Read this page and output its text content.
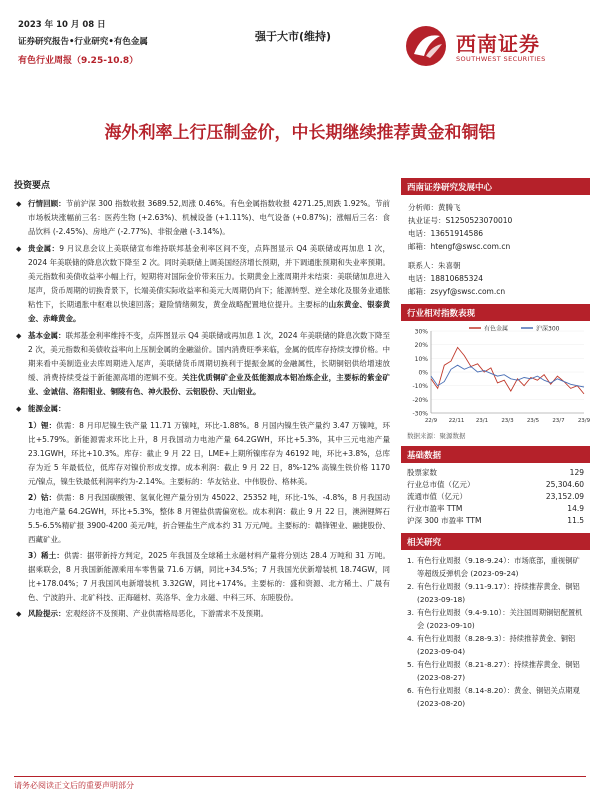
2023 年 10 月 08 日
证券研究报告•行业研究•有色金属
有色行业周报（9.25-10.8）
强于大市(维持)	西南证券
SOUTHWEST SECURITIES
海外利率上行压制金价，中长期继续推荐黄金和铜铝
投资要点
◆ 行情回顾：节前沪深 300 指数收报 3689.52,周涨 0.46%。有色金属指数收报 4271.25,周跌 1.92%。节前市场板块涨幅前三名：医药生物 (+2.63%)、机械设备 (+1.11%)、电气设备 (+0.87%)；涨幅后三名：食品饮料 (-2.45%)、房地产 (-2.77%)、非银金融 (-3.14%)。
◆ 贵金属：9 月议息会议上美联储宣布维持联邦基金利率区间不变，点阵图显示 Q4 美联储或再加息 1 次，2024 年美联储的降息次数下降至 2 次。同时美联储上调美国经济增长预期，并下调通胀预期和失业率预期。美元指数和美债收益率小幅上行，短期将对国际金价带来压力。长期黄金上涨周期并未结束：美联储加息进入尾声，货币周期的切换背景下，长端美债实际收益率和美元大周期仍向下；能源转型、逆全球化及服务业通胀粘性下，长期通胀中枢难以快速回落；避险情绪频发，黄金战略配置地位提升。主要标的山东黄金、银泰黄金、赤峰黄金。
◆ 基本金属：联邦基金利率维持不变，点阵图显示 Q4 美联储或再加息 1 次，2024 年美联储的降息次数下降至 2 次，美元指数和美债收益率向上压制金属的金融溢价。国内消费旺季来临，金属的低库存持续支撑价格。中期来看中美制造业去库周期进入尾声，美联储货币周期切换利于提振金属的金融属性，长期铜铝供给增速放缓、消费持续受益于新能源高增的逻辑不变。关注优质铜矿企业及低能源成本铝冶炼企业，主要标的紫金矿业、金诚信、洛阳钼业、铜陵有色、神火股份、云铝股份、天山铝业。
◆ 能源金属：
1）锂：供需：8 月印尼镍生铁产量 11.71 万镍吨，环比-1.88%。8 月国内镍生铁产量约 3.47 万镍吨，环比+5.79%。新能源需求环比上升，8 月我国动力电池产量 64.2GWH，环比+5.3%，其中三元电池产量 23.1GWH，环比+10.3%。库存：截止 9 月 22 日，LME+上期所镍库存为 46192 吨，环比+3.8%，总库存为近 5 年最低位，低库存对镍价形成支撑。成本利润：截止 9 月 22 日，8%-12% 高镍生铁价格 1170 元/镍点，镍生铁最低利润率约为-2.14%。主要标的：华友钴业、中伟股份、格林美。
2）钴：供需：8 月我国碳酸锂、氢氧化锂产量分别为 45022、25352 吨，环比-1%、-4.8%，8 月我国动力电池产量 64.2GWH，环比+5.3%，整体 8 月锂盐供需偏宽松。成本利润：截止 9 月 22 日，澳洲锂辉石 5.5-6.5%精矿报 3900-4200 美元/吨，折合锂盐生产成本约 31 万元/吨。主要标的：赣锋锂业、融捷股份、西藏矿业。
3）稀土：供需：据带新持方判定，2025 年我国及全球稀土永磁材料产量将分别达 28.4 万吨和 31 万吨。据乘联会，8 月我国新能源乘用车零售量 71.6 万辆，同比+34.5%；7 月我国光伏新增装机 18.74GW，同比+178.04%；7 月我国风电新增装机 3.32GW，同比+174%。主要标的：盛和资源、北方稀土、广晟有色、宁波韵升、北矿科技、正海磁材、英洛华、金力永磁、中科三环、东睦股份。
◆ 风险提示：宏观经济不及预期、产业供需格局恶化，下游需求不及预期。
西南证券研究发展中心
分析师：黄腾飞
执业证号：S1250523070010
电话：13651914586
邮箱：htengf@swsc.com.cn
联系人：朱喜朝
电话：18810685324
邮箱：zsyyf@swsc.com.cn
行业相对指数表现
30%
20%
10%
0%
-10%
-20%
-30%
22/9 22/11 23/1 23/3 23/5 23/7 23/9
有色金属	沪深300
数据来源：聚源数据
基础数据
股票家数	129
行业总市值（亿元）	25,304.60
流通市值（亿元）	23,152.09
行业市盈率 TTM	14.9
沪深 300 市盈率 TTM	11.5
相关研究
1. 有色行业周报（9.18-9.24）：市场底部，重视铜矿等超级反弹机会 (2023-09-24)
2. 有色行业周报（9.11-9.17）：持续推荐黄金、铜铝 (2023-09-18)
3. 有色行业周报（9.4-9.10）：关注国周期铜铝配置机会 (2023-09-10)
4. 有色行业周报（8.28-9.3）：持续推荐黄金、铜铝 (2023-09-04)
5. 有色行业周报（8.21-8.27）：持续推荐黄金、铜铝 (2023-08-27)
6. 有色行业周报（8.14-8.20）：黄金、铜铝关点期观 (2023-08-20)
请务必阅读正文后的重要声明部分
